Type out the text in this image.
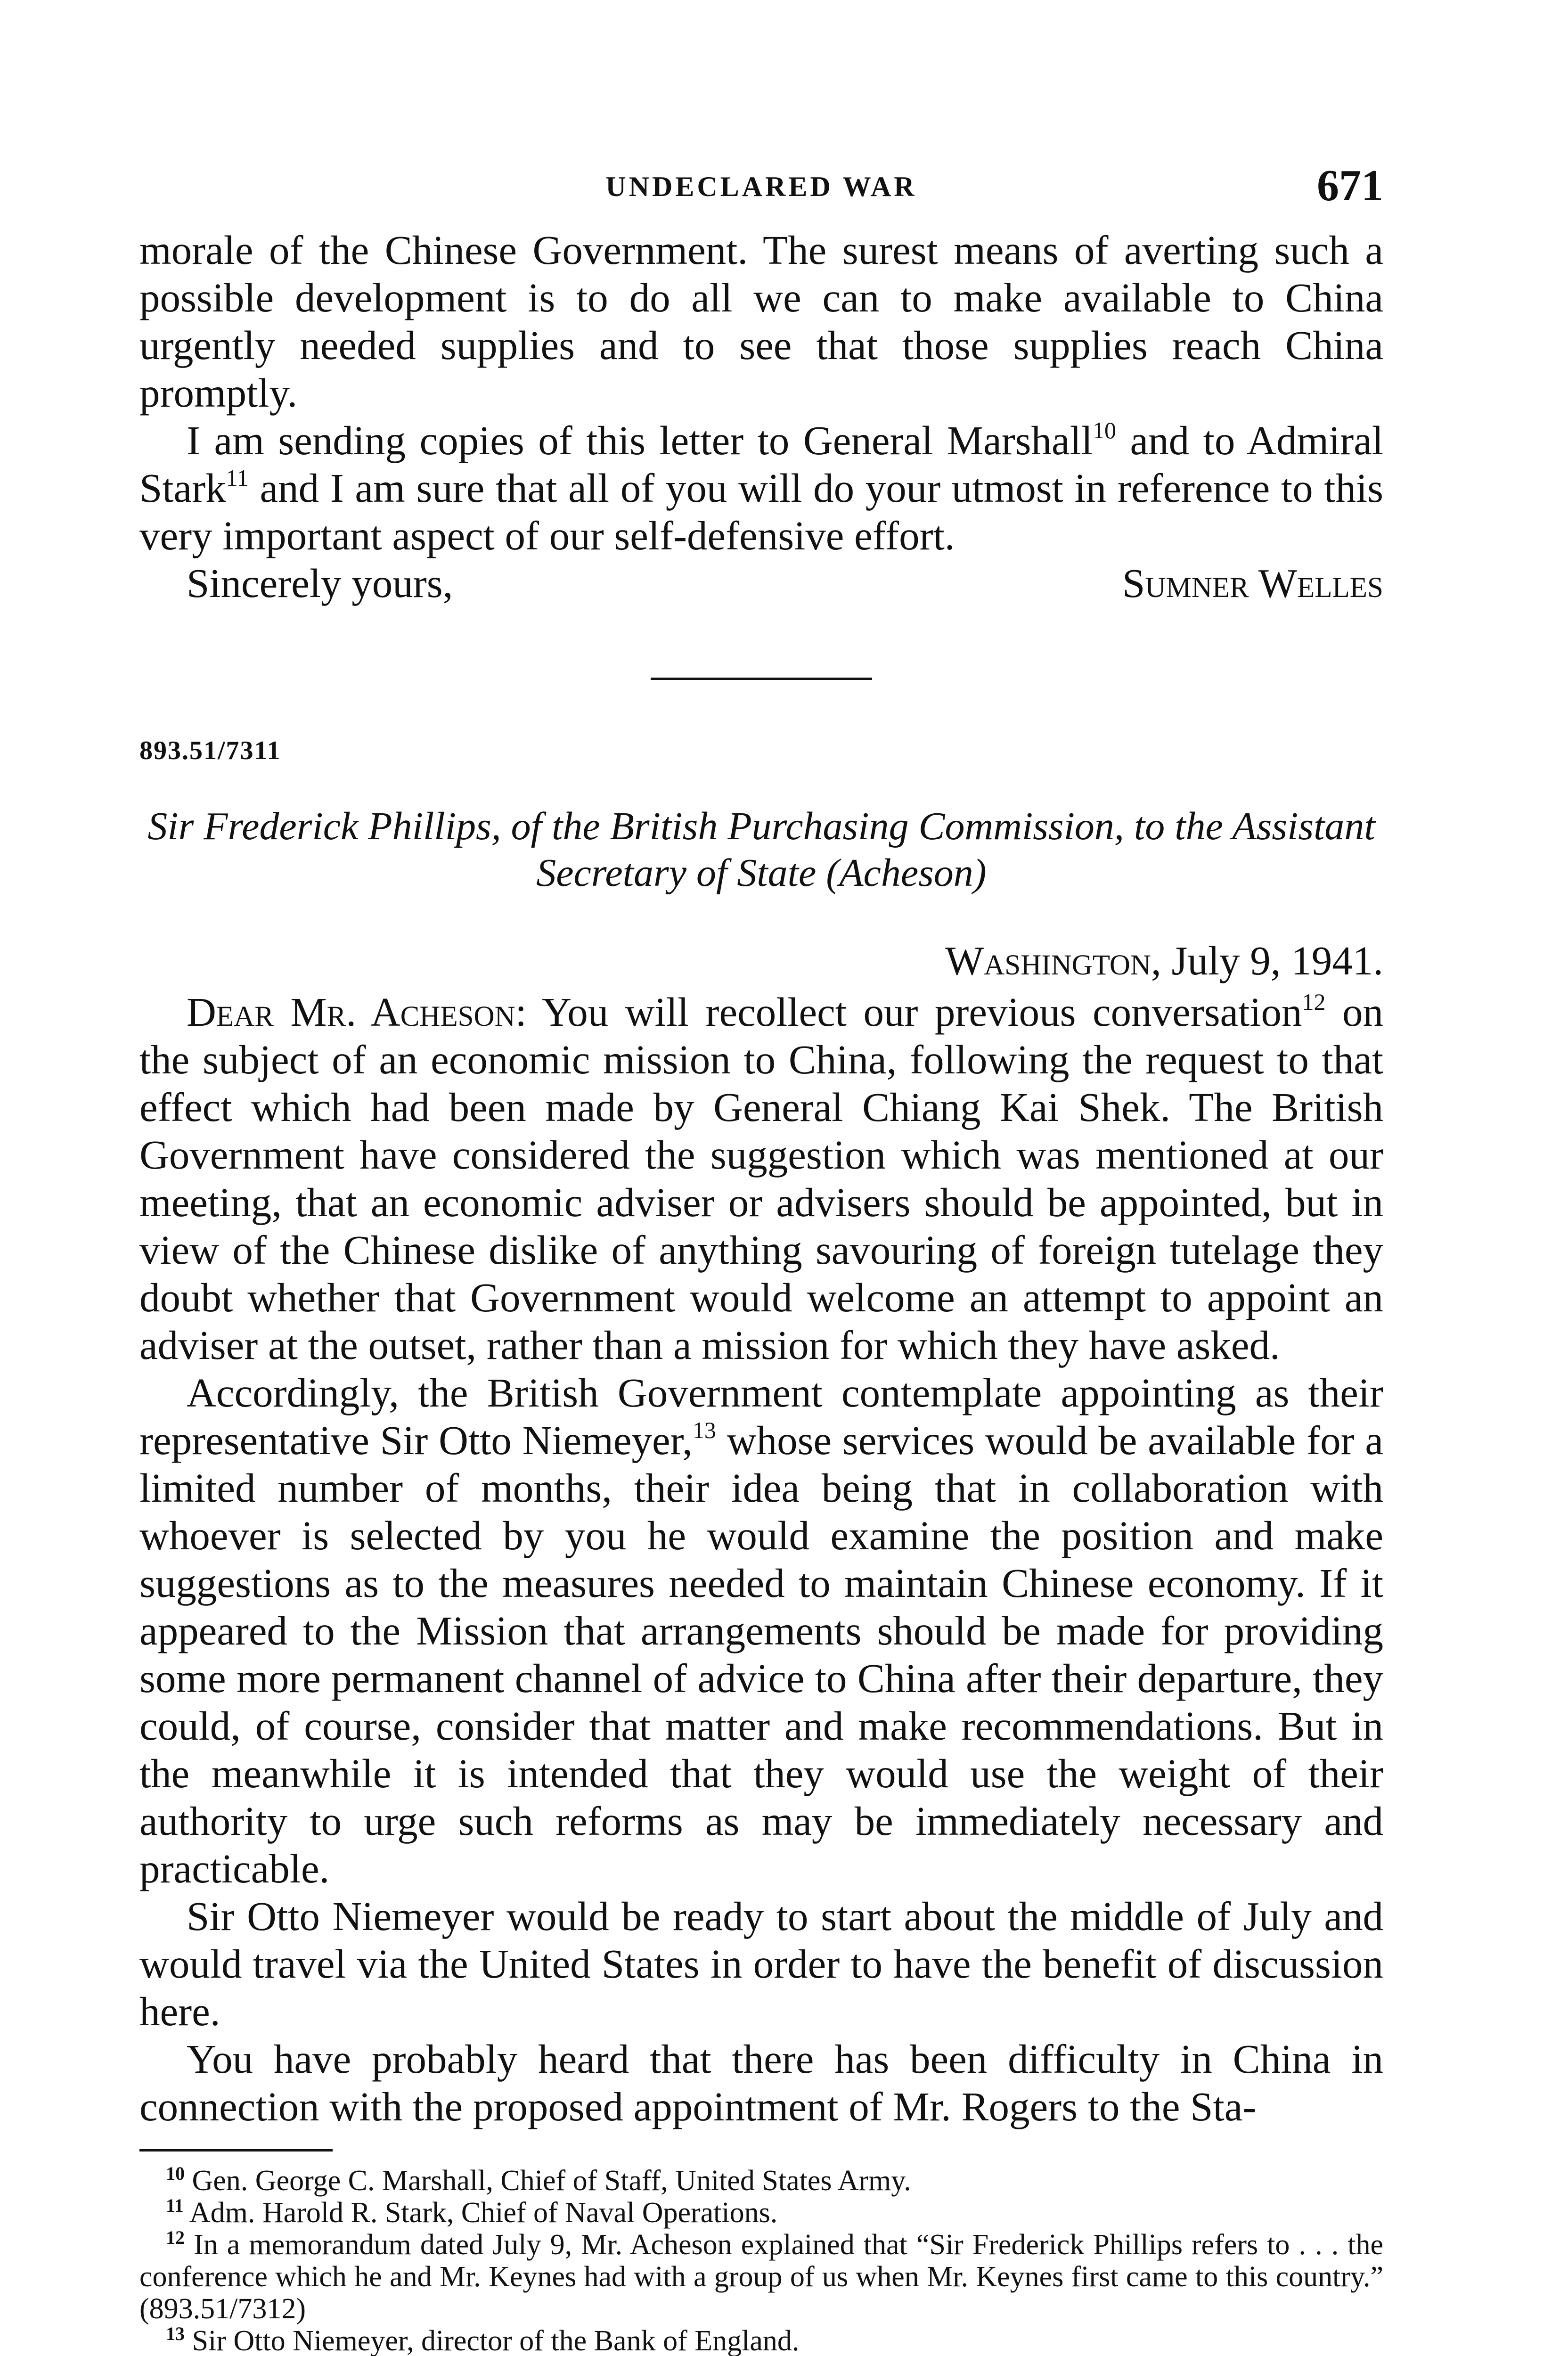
UNDECLARED WAR	671

morale of the Chinese Government. The surest means of averting such a possible development is to do all we can to make available to China urgently needed supplies and to see that those supplies reach China promptly.

I am sending copies of this letter to General Marshall$^{10}$ and to Admiral Stark$^{11}$ and I am sure that all of you will do your utmost in reference to this very important aspect of our self-defensive effort.

Sincerely yours,	Sumner Welles

893.51/7311

Sir Frederick Phillips, of the British Purchasing Commission, to the Assistant Secretary of State (Acheson)

Washington, July 9, 1941.

Dear Mr. Acheson: You will recollect our previous conversation$^{12}$ on the subject of an economic mission to China, following the request to that effect which had been made by General Chiang Kai Shek. The British Government have considered the suggestion which was mentioned at our meeting, that an economic adviser or advisers should be appointed, but in view of the Chinese dislike of anything savouring of foreign tutelage they doubt whether that Government would welcome an attempt to appoint an adviser at the outset, rather than a mission for which they have asked.

Accordingly, the British Government contemplate appointing as their representative Sir Otto Niemeyer,$^{13}$ whose services would be available for a limited number of months, their idea being that in collaboration with whoever is selected by you he would examine the position and make suggestions as to the measures needed to maintain Chinese economy. If it appeared to the Mission that arrangements should be made for providing some more permanent channel of advice to China after their departure, they could, of course, consider that matter and make recommendations. But in the meanwhile it is intended that they would use the weight of their authority to urge such reforms as may be immediately necessary and practicable.

Sir Otto Niemeyer would be ready to start about the middle of July and would travel via the United States in order to have the benefit of discussion here.

You have probably heard that there has been difficulty in China in connection with the proposed appointment of Mr. Rogers to the Sta-

$^{10}$ Gen. George C. Marshall, Chief of Staff, United States Army.

$^{11}$ Adm. Harold R. Stark, Chief of Naval Operations.

$^{12}$ In a memorandum dated July 9, Mr. Acheson explained that “Sir Frederick Phillips refers to . . . the conference which he and Mr. Keynes had with a group of us when Mr. Keynes first came to this country.” (893.51/7312)

$^{13}$ Sir Otto Niemeyer, director of the Bank of England.
